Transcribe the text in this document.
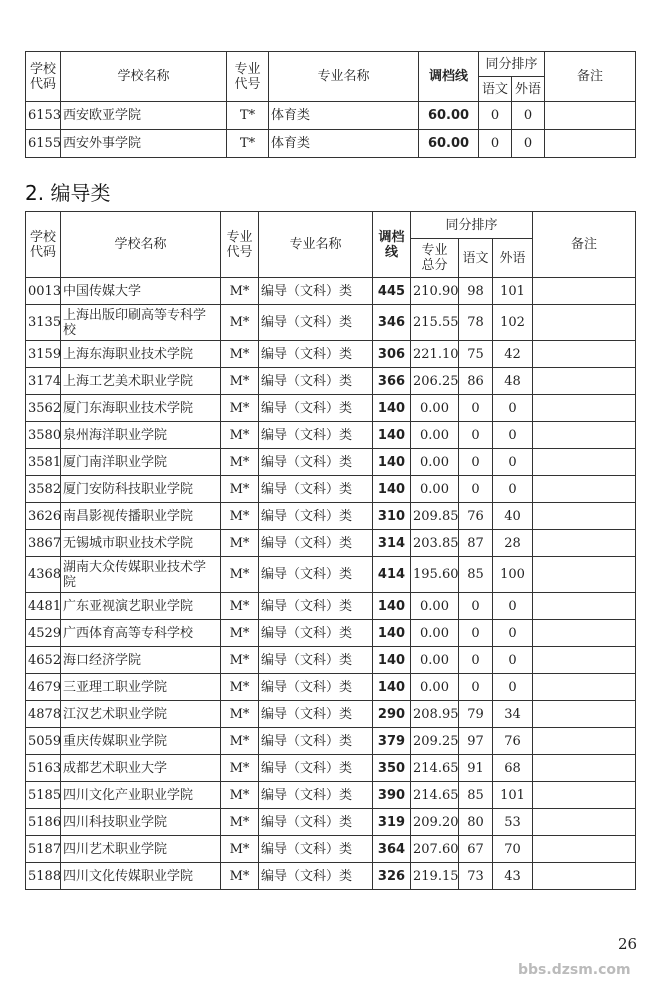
学校
代码	学校名称	专业
代号	专业名称	调档线	同分排序		备注
					语文	外语	
6153	西安欧亚学院	T*	体育类	60.00	0	0	
6155	西安外事学院	T*	体育类	60.00	0	0	
2. 编导类
学校
代码	学校名称	专业
代号	专业名称	调档
线	同分排序			备注
					专业
总分	语文	外语	
0013	中国传媒大学	M*	编导（文科）类	445	210.90	98	101	
3135	上海出版印刷高等专科学校	M*	编导（文科）类	346	215.55	78	102	
3159	上海东海职业技术学院	M*	编导（文科）类	306	221.10	75	42	
3174	上海工艺美术职业学院	M*	编导（文科）类	366	206.25	86	48	
3562	厦门东海职业技术学院	M*	编导（文科）类	140	0.00	0	0	
3580	泉州海洋职业学院	M*	编导（文科）类	140	0.00	0	0	
3581	厦门南洋职业学院	M*	编导（文科）类	140	0.00	0	0	
3582	厦门安防科技职业学院	M*	编导（文科）类	140	0.00	0	0	
3626	南昌影视传播职业学院	M*	编导（文科）类	310	209.85	76	40	
3867	无锡城市职业技术学院	M*	编导（文科）类	314	203.85	87	28	
4368	湖南大众传媒职业技术学院	M*	编导（文科）类	414	195.60	85	100	
4481	广东亚视演艺职业学院	M*	编导（文科）类	140	0.00	0	0	
4529	广西体育高等专科学校	M*	编导（文科）类	140	0.00	0	0	
4652	海口经济学院	M*	编导（文科）类	140	0.00	0	0	
4679	三亚理工职业学院	M*	编导（文科）类	140	0.00	0	0	
4878	江汉艺术职业学院	M*	编导（文科）类	290	208.95	79	34	
5059	重庆传媒职业学院	M*	编导（文科）类	379	209.25	97	76	
5163	成都艺术职业大学	M*	编导（文科）类	350	214.65	91	68	
5185	四川文化产业职业学院	M*	编导（文科）类	390	214.65	85	101	
5186	四川科技职业学院	M*	编导（文科）类	319	209.20	80	53	
5187	四川艺术职业学院	M*	编导（文科）类	364	207.60	67	70	
5188	四川文化传媒职业学院	M*	编导（文科）类	326	219.15	73	43	
26
bbs.dzsm.com
